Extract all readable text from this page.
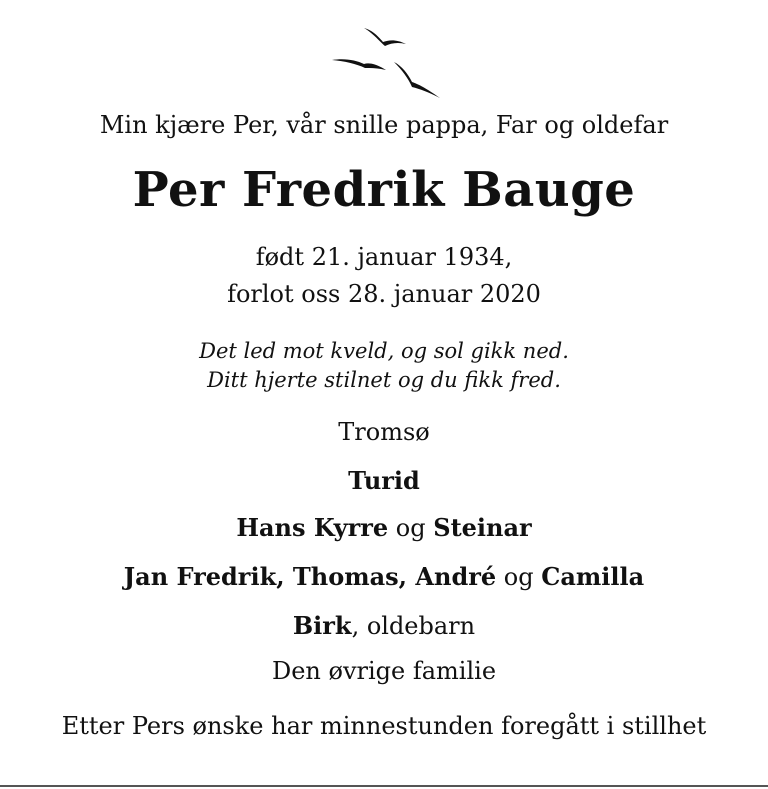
Min kjære Per, vår snille pappa, Far og oldefar
Per Fredrik Bauge
født 21. januar 1934,
forlot oss 28. januar 2020
Det led mot kveld, og sol gikk ned.
Ditt hjerte stilnet og du fikk fred.
Tromsø
Turid
Hans Kyrre og Steinar
Jan Fredrik, Thomas, André og Camilla
Birk, oldebarn
Den øvrige familie
Etter Pers ønske har minnestunden foregått i stillhet
